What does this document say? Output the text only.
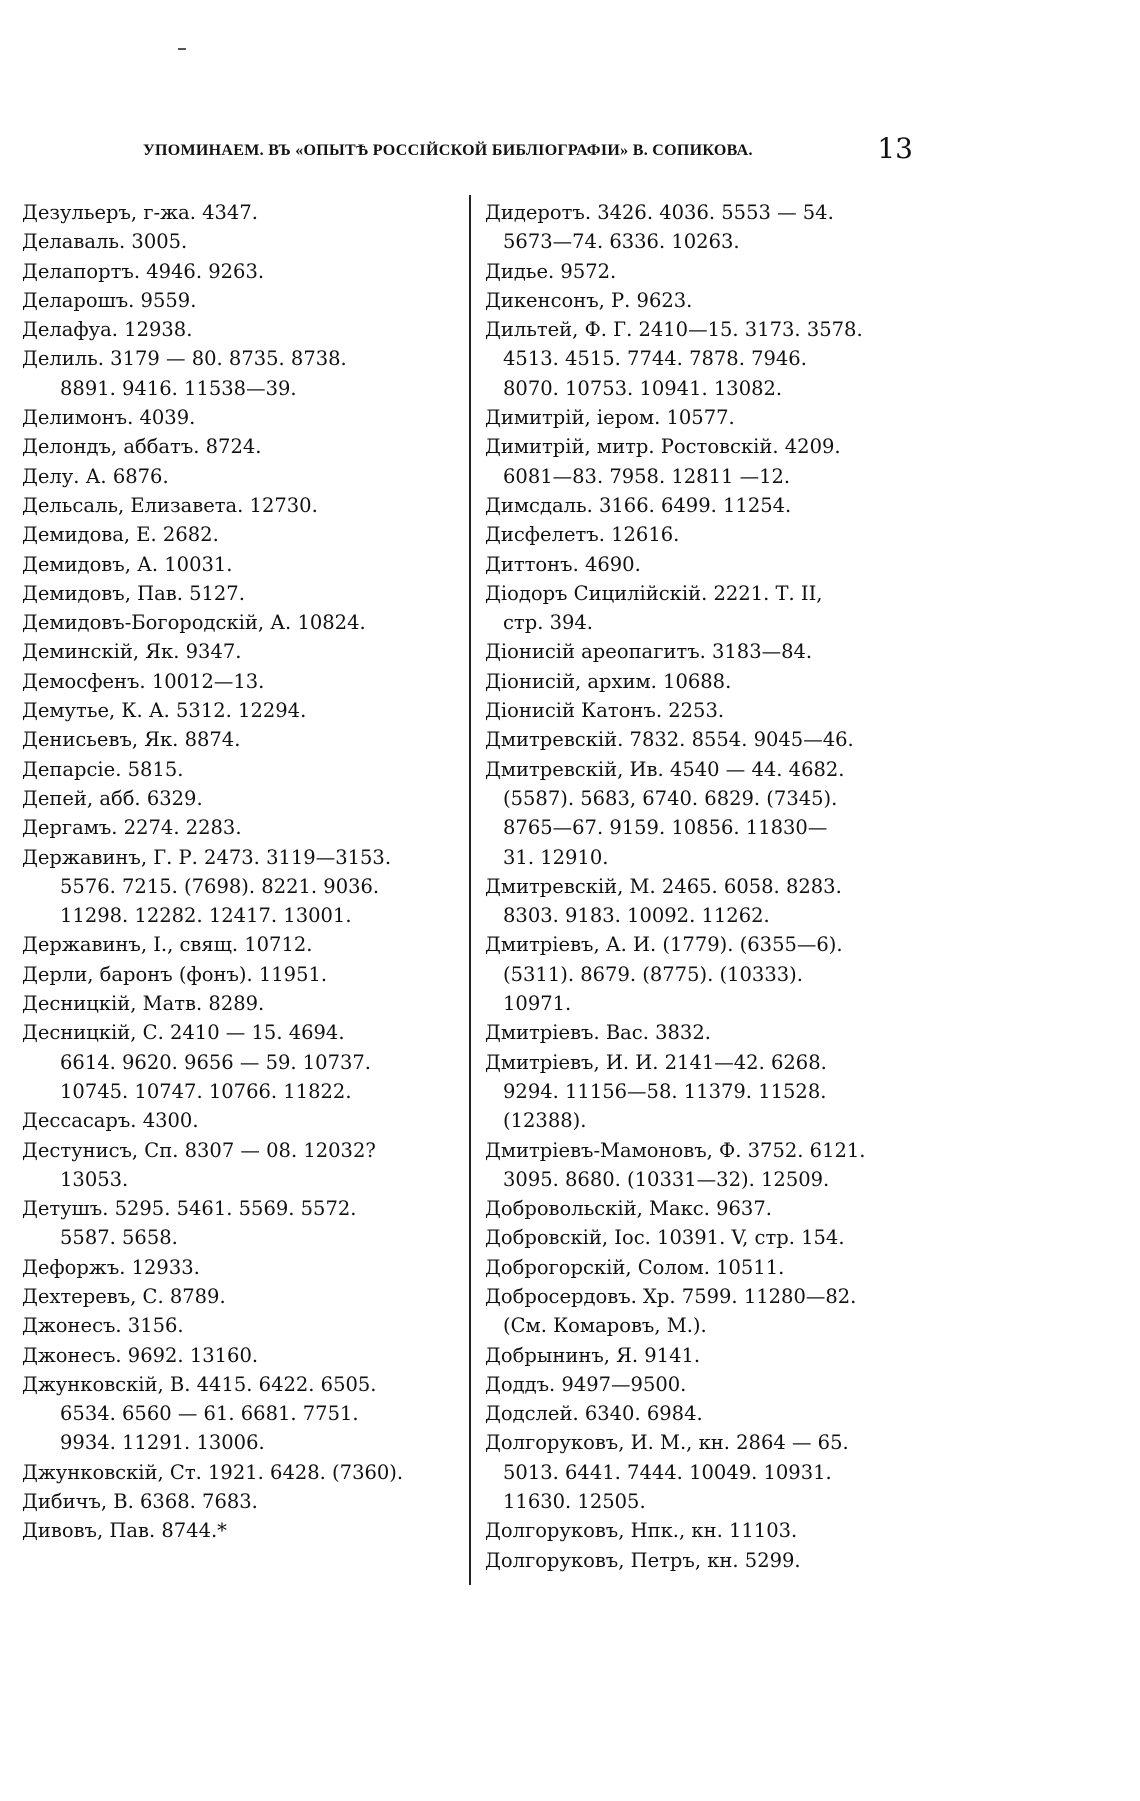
УПОМИНАЕМ. ВЪ «ОПЫТѢ РОССІЙСКОЙ БИБЛІОГРАФІИ» В. СОПИКОВА.	13
Дезульеръ, г-жа. 4347.
Делаваль. 3005.
Делапортъ. 4946. 9263.
Деларошъ. 9559.
Делафуа. 12938.
Делиль. 3179 — 80. 8735. 8738.
8891. 9416. 11538—39.
Делимонъ. 4039.
Делондъ, аббатъ. 8724.
Делу. А. 6876.
Дельсаль, Елизавета. 12730.
Демидова, Е. 2682.
Демидовъ, А. 10031.
Демидовъ, Пав. 5127.
Демидовъ-Богородскій, А. 10824.
Деминскій, Як. 9347.
Демосфенъ. 10012—13.
Демутье, К. А. 5312. 12294.
Денисьевъ, Як. 8874.
Депарсіе. 5815.
Депей, абб. 6329.
Дергамъ. 2274. 2283.
Державинъ, Г. Р. 2473. 3119—3153.
5576. 7215. (7698). 8221. 9036.
11298. 12282. 12417. 13001.
Державинъ, І., свящ. 10712.
Дерли, баронъ (фонъ). 11951.
Десницкій, Матв. 8289.
Десницкій, С. 2410 — 15. 4694.
6614. 9620. 9656 — 59. 10737.
10745. 10747. 10766. 11822.
Дессасаръ. 4300.
Дестунисъ, Сп. 8307 — 08. 12032?
13053.
Детушъ. 5295. 5461. 5569. 5572.
5587. 5658.
Дефоржъ. 12933.
Дехтеревъ, С. 8789.
Джонесъ. 3156.
Джонесъ. 9692. 13160.
Джунковскій, В. 4415. 6422. 6505.
6534. 6560 — 61. 6681. 7751.
9934. 11291. 13006.
Джунковскій, Ст. 1921. 6428. (7360).
Дибичъ, В. 6368. 7683.
Дивовъ, Пав. 8744.*
Дидеротъ. 3426. 4036. 5553 — 54.
5673—74. 6336. 10263.
Дидье. 9572.
Дикенсонъ, Р. 9623.
Дильтей, Ф. Г. 2410—15. 3173. 3578.
4513. 4515. 7744. 7878. 7946.
8070. 10753. 10941. 13082.
Димитрій, іером. 10577.
Димитрій, митр. Ростовскій. 4209.
6081—83. 7958. 12811 —12.
Димсдаль. 3166. 6499. 11254.
Дисфелетъ. 12616.
Диттонъ. 4690.
Діодоръ Сицилійскій. 2221. Т. II,
стр. 394.
Діонисій ареопагитъ. 3183—84.
Діонисій, архим. 10688.
Діонисій Катонъ. 2253.
Дмитревскій. 7832. 8554. 9045—46.
Дмитревскій, Ив. 4540 — 44. 4682.
(5587). 5683, 6740. 6829. (7345).
8765—67. 9159. 10856. 11830—
31. 12910.
Дмитревскій, М. 2465. 6058. 8283.
8303. 9183. 10092. 11262.
Дмитріевъ, А. И. (1779). (6355—6).
(5311). 8679. (8775). (10333).
10971.
Дмитріевъ. Вас. 3832.
Дмитріевъ, И. И. 2141—42. 6268.
9294. 11156—58. 11379. 11528.
(12388).
Дмитріевъ-Мамоновъ, Ф. 3752. 6121.
3095. 8680. (10331—32). 12509.
Добровольскій, Макс. 9637.
Добровскій, Іос. 10391. V, стр. 154.
Доброгорскій, Солом. 10511.
Добросердовъ. Хр. 7599. 11280—82.
(См. Комаровъ, М.).
Добрынинъ, Я. 9141.
Доддъ. 9497—9500.
Додслей. 6340. 6984.
Долгоруковъ, И. М., кн. 2864 — 65.
5013. 6441. 7444. 10049. 10931.
11630. 12505.
Долгоруковъ, Нпк., кн. 11103.
Долгоруковъ, Петръ, кн. 5299.
